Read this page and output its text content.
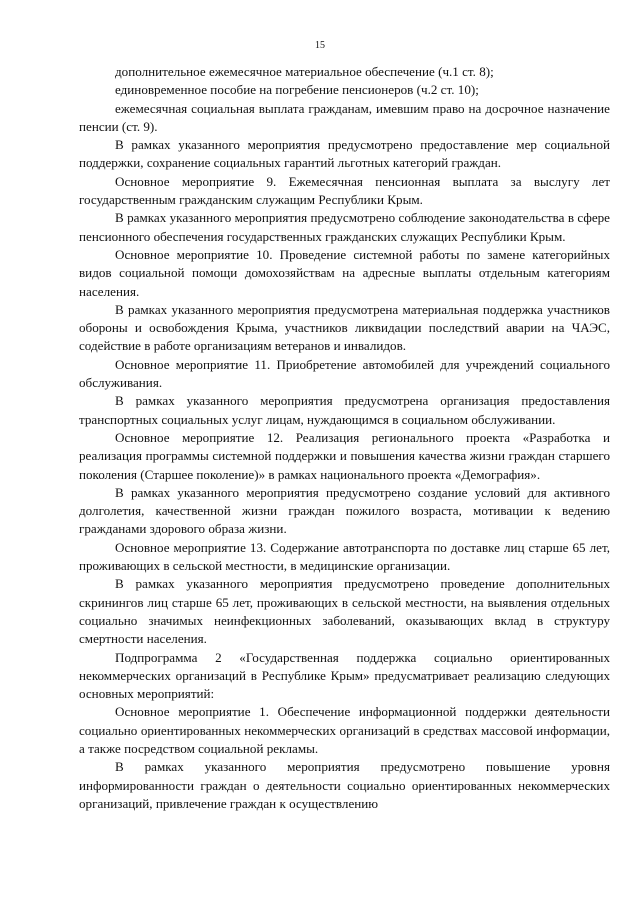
15

дополнительное ежемесячное материальное обеспечение (ч.1 ст. 8);

единовременное пособие на погребение пенсионеров (ч.2 ст. 10);

ежемесячная социальная выплата гражданам, имевшим право на досрочное назначение пенсии (ст. 9).

В рамках указанного мероприятия предусмотрено предоставление мер социальной поддержки, сохранение социальных гарантий льготных категорий граждан.

Основное мероприятие 9. Ежемесячная пенсионная выплата за выслугу лет государственным гражданским служащим Республики Крым.

В рамках указанного мероприятия предусмотрено соблюдение законодательства в сфере пенсионного обеспечения государственных гражданских служащих Республики Крым.

Основное мероприятие 10. Проведение системной работы по замене категорийных видов социальной помощи домохозяйствам на адресные выплаты отдельным категориям населения.

В рамках указанного мероприятия предусмотрена материальная поддержка участников обороны и освобождения Крыма, участников ликвидации последствий аварии на ЧАЭС, содействие в работе организациям ветеранов и инвалидов.

Основное мероприятие 11. Приобретение автомобилей для учреждений социального обслуживания.

В рамках указанного мероприятия предусмотрена организация предоставления транспортных социальных услуг лицам, нуждающимся в социальном обслуживании.

Основное мероприятие 12. Реализация регионального проекта «Разработка и реализация программы системной поддержки и повышения качества жизни граждан старшего поколения (Старшее поколение)» в рамках национального проекта «Демография».

В рамках указанного мероприятия предусмотрено создание условий для активного долголетия, качественной жизни граждан пожилого возраста, мотивации к ведению гражданами здорового образа жизни.

Основное мероприятие 13. Содержание автотранспорта по доставке лиц старше 65 лет, проживающих в сельской местности, в медицинские организации.

В рамках указанного мероприятия предусмотрено проведение дополнительных скринингов лиц старше 65 лет, проживающих в сельской местности, на выявления отдельных социально значимых неинфекционных заболеваний, оказывающих вклад в структуру смертности населения.

Подпрограмма 2 «Государственная поддержка социально ориентированных некоммерческих организаций в Республике Крым» предусматривает реализацию следующих основных мероприятий:

Основное мероприятие 1. Обеспечение информационной поддержки деятельности социально ориентированных некоммерческих организаций в средствах массовой информации, а также посредством социальной рекламы.

В рамках указанного мероприятия предусмотрено повышение уровня информированности граждан о деятельности социально ориентированных некоммерческих организаций, привлечение граждан к осуществлению
